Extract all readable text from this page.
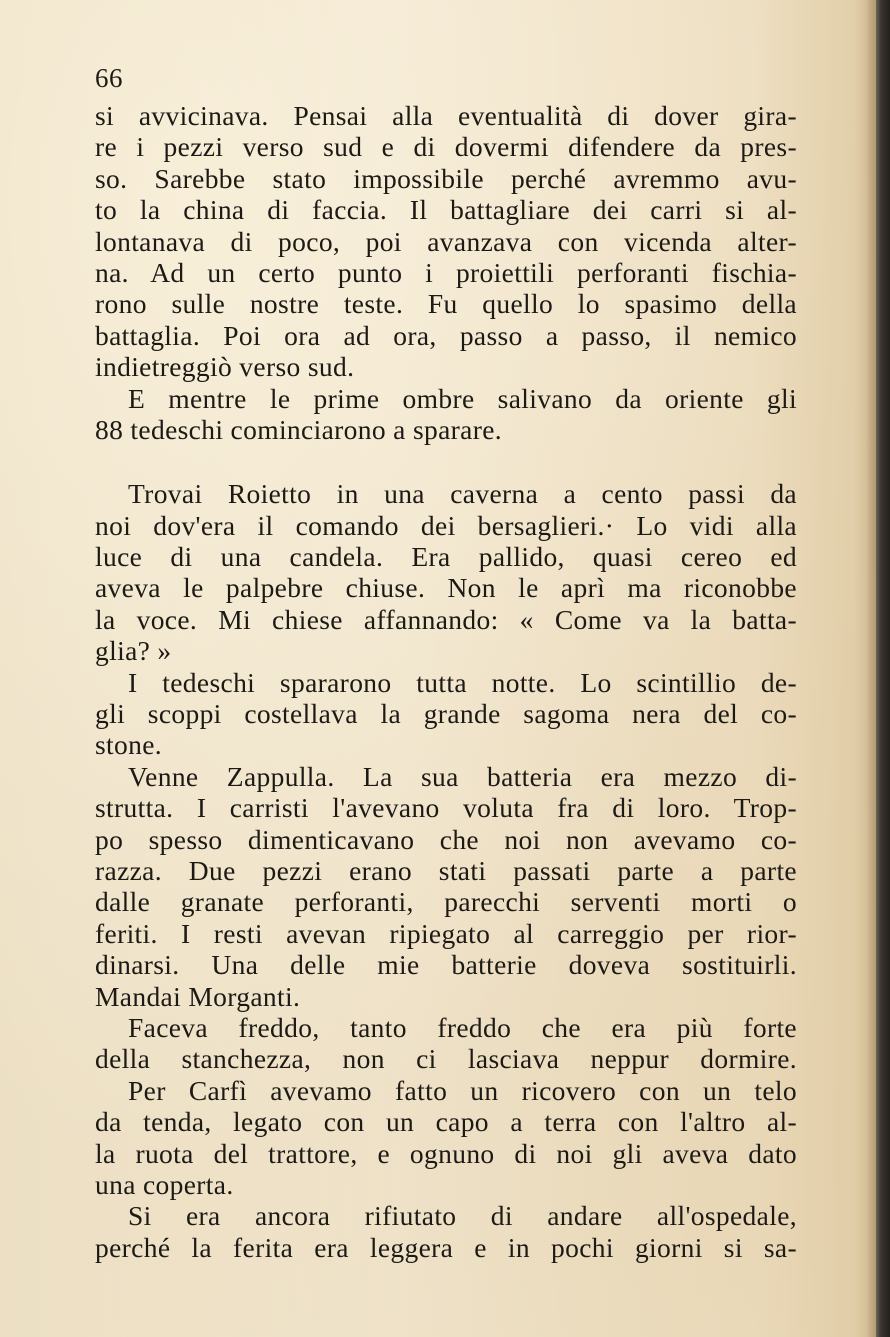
66
si avvicinava. Pensai alla eventualità di dover gira-
re i pezzi verso sud e di dovermi difendere da pres-
so. Sarebbe stato impossibile perché avremmo avu-
to la china di faccia. Il battagliare dei carri si al-
lontanava di poco, poi avanzava con vicenda alter-
na. Ad un certo punto i proiettili perforanti fischia-
rono sulle nostre teste. Fu quello lo spasimo della
battaglia. Poi ora ad ora, passo a passo, il nemico
indietreggiò verso sud.
E mentre le prime ombre salivano da oriente gli
88 tedeschi cominciarono a sparare.
Trovai Roietto in una caverna a cento passi da
noi dov'era il comando dei bersaglieri.· Lo vidi alla
luce di una candela. Era pallido, quasi cereo ed
aveva le palpebre chiuse. Non le aprì ma riconobbe
la voce. Mi chiese affannando: « Come va la batta-
glia? »
I tedeschi spararono tutta notte. Lo scintillio de-
gli scoppi costellava la grande sagoma nera del co-
stone.
Venne Zappulla. La sua batteria era mezzo di-
strutta. I carristi l'avevano voluta fra di loro. Trop-
po spesso dimenticavano che noi non avevamo co-
razza. Due pezzi erano stati passati parte a parte
dalle granate perforanti, parecchi serventi morti o
feriti. I resti avevan ripiegato al carreggio per rior-
dinarsi. Una delle mie batterie doveva sostituirli.
Mandai Morganti.
Faceva freddo, tanto freddo che era più forte
della stanchezza, non ci lasciava neppur dormire.
Per Carfì avevamo fatto un ricovero con un telo
da tenda, legato con un capo a terra con l'altro al-
la ruota del trattore, e ognuno di noi gli aveva dato
una coperta.
Si era ancora rifiutato di andare all'ospedale,
perché la ferita era leggera e in pochi giorni si sa-
